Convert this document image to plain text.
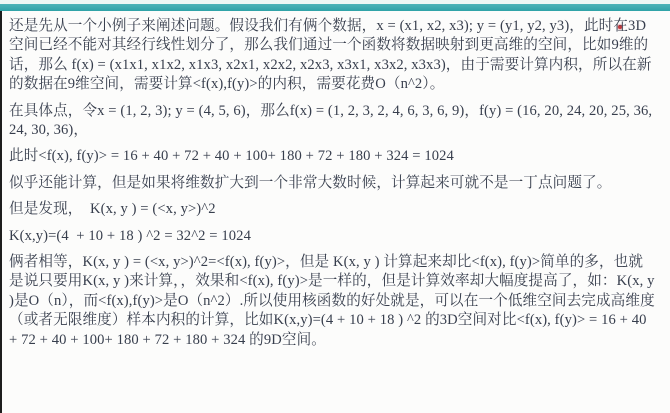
还是先从一个小例子来阐述问题。假设我们有俩个数据，x = (x1, x2, x3); y = (y1, y2, y3)，此时在3D空间已经不能对其经行线性划分了，那么我们通过一个函数将数据映射到更高维的空间，比如9维的话，那么 f(x) = (x1x1, x1x2, x1x3, x2x1, x2x2, x2x3, x3x1, x3x2, x3x3)，由于需要计算内积，所以在新的数据在9维空间，需要计算<f(x),f(y)>的内积，需要花费O（n^2）。

在具体点，令x = (1, 2, 3); y = (4, 5, 6)，那么f(x) = (1, 2, 3, 2, 4, 6, 3, 6, 9)，f(y) = (16, 20, 24, 20, 25, 36, 24, 30, 36)，

此时<f(x), f(y)> = 16 + 40 + 72 + 40 + 100+ 180 + 72 + 180 + 324 = 1024

似乎还能计算，但是如果将维数扩大到一个非常大数时候，计算起来可就不是一丁点问题了。

但是发现，  K(x, y ) = (<x, y>)^2

K(x,y)=(4  + 10 + 18 ) ^2 = 32^2 = 1024

俩者相等，K(x, y ) = (<x, y>)^2=<f(x), f(y)>，但是 K(x, y ) 计算起来却比<f(x), f(y)>简单的多，也就是说只要用K(x, y )来计算，，效果和<f(x), f(y)>是一样的，但是计算效率却大幅度提高了，如：K(x, y )是O（n），而<f(x),f(y)>是O（n^2）.所以使用核函数的好处就是，可以在一个低维空间去完成高维度（或者无限维度）样本内积的计算，比如K(x,y)=(4 + 10 + 18 ) ^2 的3D空间对比<f(x), f(y)> = 16 + 40 + 72 + 40 + 100+ 180 + 72 + 180 + 324 的9D空间。
